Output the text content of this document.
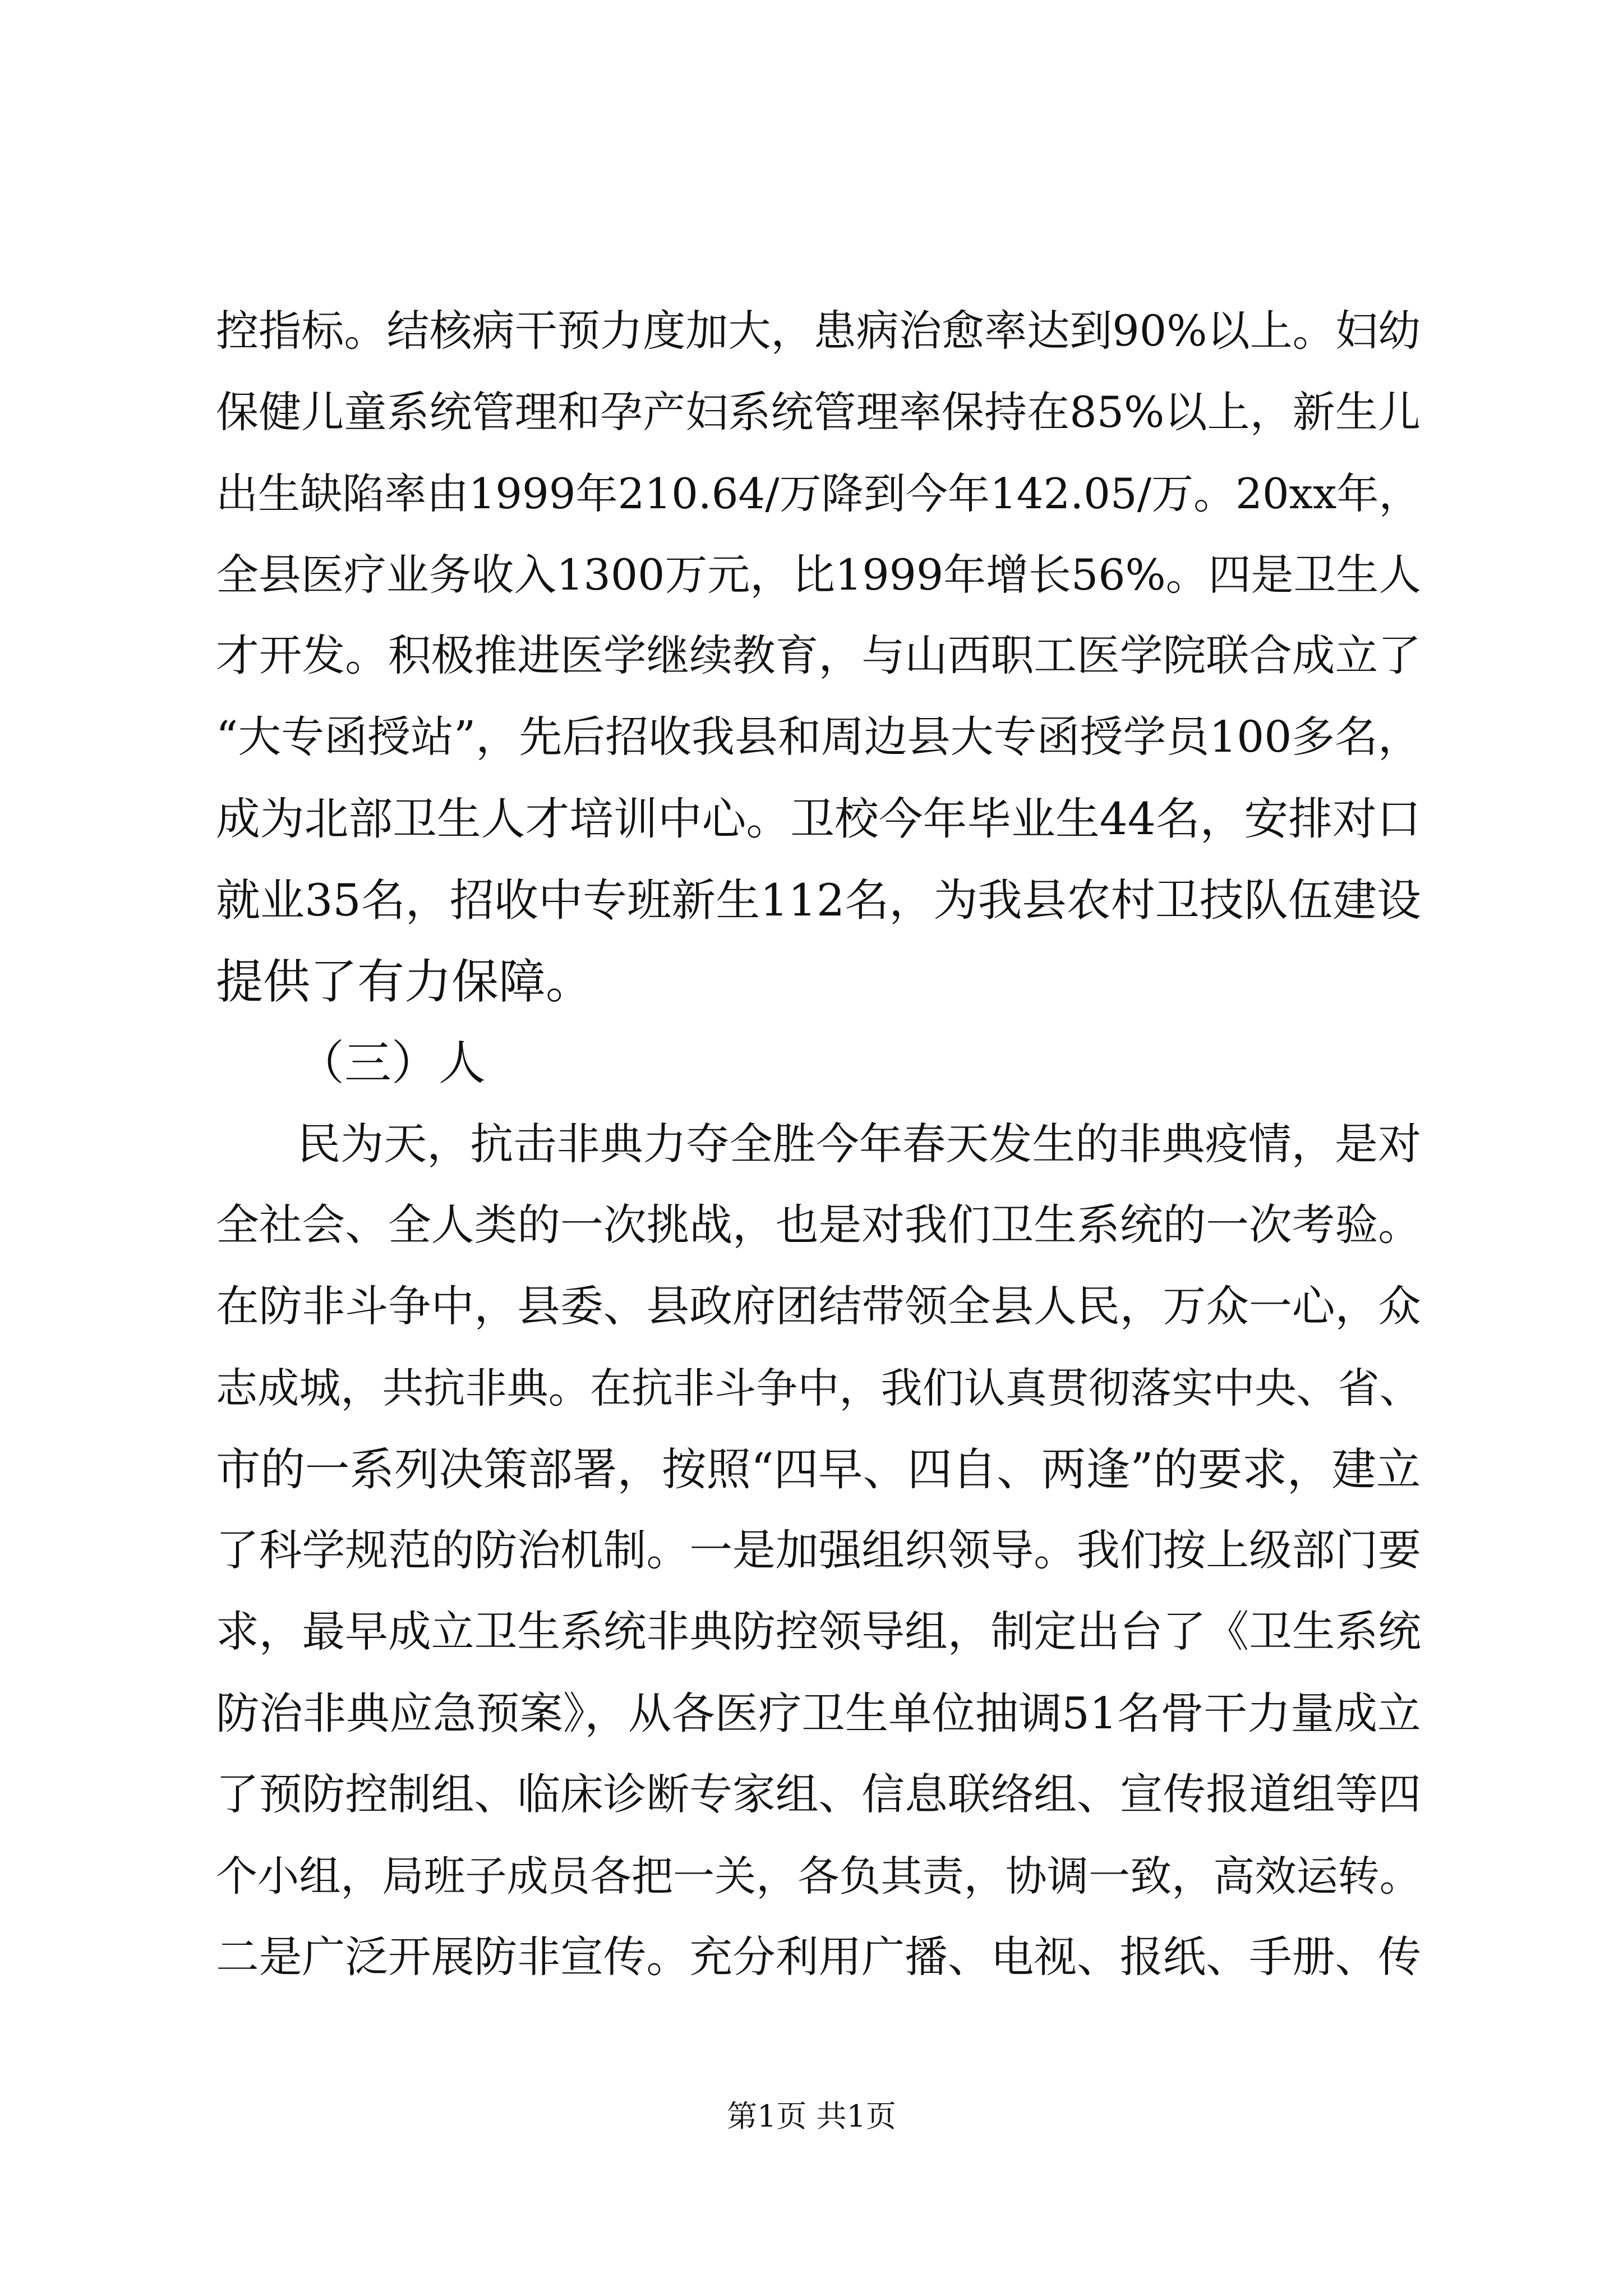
控指标。结核病干预力度加大，患病治愈率达到90%以上。妇幼
保健儿童系统管理和孕产妇系统管理率保持在85%以上，新生儿
出生缺陷率由1999年210.64/万降到今年142.05/万。20xx年，
全县医疗业务收入1300万元，比1999年增长56%。四是卫生人
才开发。积极推进医学继续教育，与山西职工医学院联合成立了
“大专函授站”，先后招收我县和周边县大专函授学员100多名，
成为北部卫生人才培训中心。卫校今年毕业生44名，安排对口
就业35名，招收中专班新生112名，为我县农村卫技队伍建设
提供了有力保障。
（三）人
民为天，抗击非典力夺全胜今年春天发生的非典疫情，是对
全社会、全人类的一次挑战，也是对我们卫生系统的一次考验。
在防非斗争中，县委、县政府团结带领全县人民，万众一心，众
志成城，共抗非典。在抗非斗争中，我们认真贯彻落实中央、省、
市的一系列决策部署，按照“四早、四自、两逢”的要求，建立
了科学规范的防治机制。一是加强组织领导。我们按上级部门要
求，最早成立卫生系统非典防控领导组，制定出台了《卫生系统
防治非典应急预案》，从各医疗卫生单位抽调51名骨干力量成立
了预防控制组、临床诊断专家组、信息联络组、宣传报道组等四
个小组，局班子成员各把一关，各负其责，协调一致，高效运转。
二是广泛开展防非宣传。充分利用广播、电视、报纸、手册、传
第1页 共1页
